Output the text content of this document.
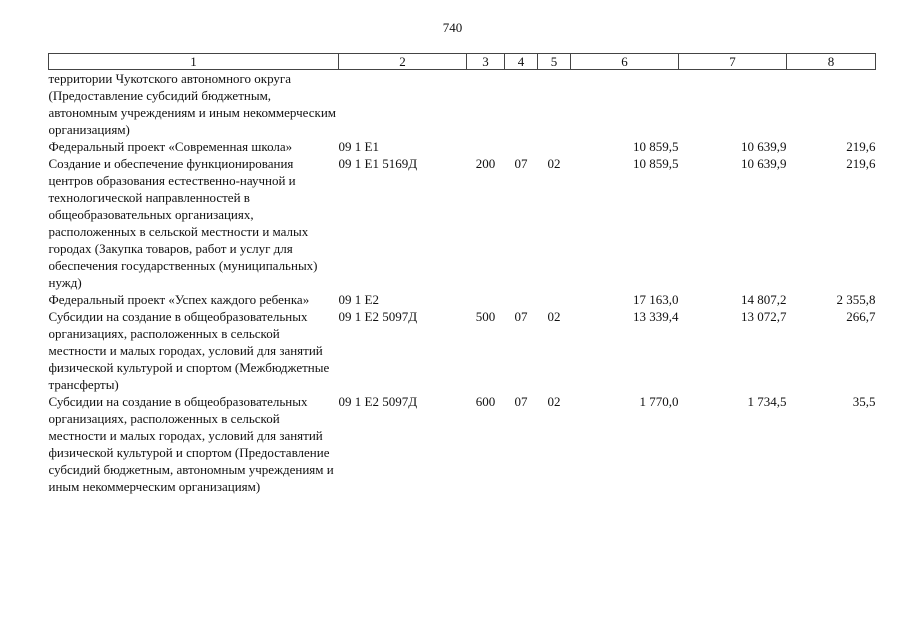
740
1	2	3	4	5	6	7	8
территории Чукотского автономного округа (Предоставление субсидий бюджетным, автономным учреждениям и иным некоммерческим организациям)							
Федеральный проект «Современная школа»	09 1 E1				10 859,5	10 639,9	219,6
Создание и обеспечение функционирования центров образования естественно-научной и технологической направленностей в общеобразовательных организациях, расположенных в сельской местности и малых городах (Закупка товаров, работ и услуг для обеспечения государственных (муниципальных) нужд)	09 1 E1 5169Д	200	07	02	10 859,5	10 639,9	219,6
Федеральный проект «Успех каждого ребенка»	09 1 E2				17 163,0	14 807,2	2 355,8
Субсидии на создание в общеобразовательных организациях, расположенных в сельской местности и малых городах, условий для занятий физической культурой и спортом (Межбюджетные трансферты)	09 1 E2 5097Д	500	07	02	13 339,4	13 072,7	266,7
Субсидии на создание в общеобразовательных организациях, расположенных в сельской местности и малых городах, условий для занятий физической культурой и спортом (Предоставление субсидий бюджетным, автономным учреждениям и иным некоммерческим организациям)	09 1 E2 5097Д	600	07	02	1 770,0	1 734,5	35,5
